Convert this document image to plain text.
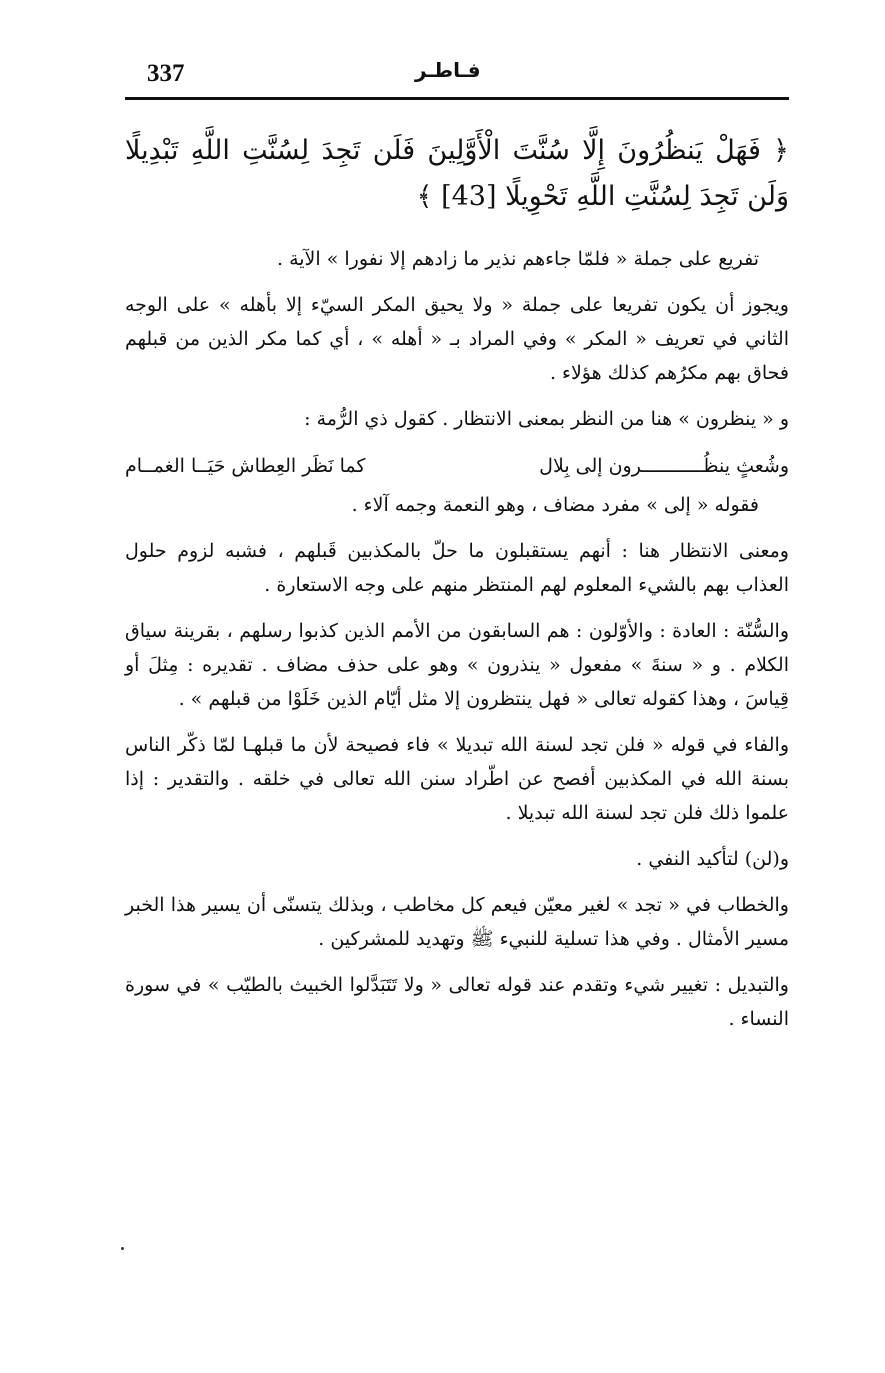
337	فـاطـر
﴿ فَهَلْ يَنظُرُونَ إِلَّا سُنَّتَ الْأَوَّلِينَ فَلَن تَجِدَ لِسُنَّتِ اللَّهِ تَبْدِيلًا وَلَن تَجِدَ لِسُنَّتِ اللَّهِ تَحْوِيلًا [43] ﴾

تفريع على جملة « فلمّا جاءهم نذير ما زادهم إلا نفورا » الآية .

ويجوز أن يكون تفريعا على جملة « ولا يحيق المكر السيّء إلا بأهله » على الوجه الثاني في تعريف « المكر » وفي المراد بـ « أهله » ، أي كما مكر الذين من قبلهم فحاق بهم مكرُهم كذلك هؤلاء .

و « ينظرون » هنا من النظر بمعنى الانتظار . كقول ذي الرُّمة :

وشُعثٍ ينظُـــــــــــرون إلى بِلال
كما نَظَر العِطاش حَيَــا الغمــام

فقوله « إلى » مفرد مضاف ، وهو النعمة وجمه آلاء .

ومعنى الانتظار هنا : أنهم يستقبلون ما حلّ بالمكذبين قَبلهم ، فشبه لزوم حلول العذاب بهم بالشيء المعلوم لهم المنتظر منهم على وجه الاستعارة .

والسُّنّة : العادة : والأوّلون : هم السابقون من الأمم الذين كذبوا رسلهم ، بقرينة سياق الكلام . و « سنةَ » مفعول « ينذرون » وهو على حذف مضاف . تقديره : مِثلَ أو قِياسَ ، وهذا كقوله تعالى « فهل ينتظرون إلا مثل أيّام الذين خَلَوْا من قبلهم » .

والفاء في قوله « فلن تجد لسنة الله تبديلا » فاء فصيحة لأن ما قبلهـا لمّا ذكّر الناس بسنة الله في المكذبين أفصح عن اطّراد سنن الله تعالى في خلقه . والتقدير : إذا علموا ذلك فلن تجد لسنة الله تبديلا .

و(لن) لتأكيد النفي .

والخطاب في « تجد » لغير معيّن فيعم كل مخاطب ، وبذلك يتسنّى أن يسير هذا الخبر مسير الأمثال . وفي هذا تسلية للنبيء ﷺ وتهديد للمشركين .

والتبديل : تغيير شيء وتقدم عند قوله تعالى « ولا تَتَبَدَّلوا الخبيث بالطيّب » في سورة النساء .
